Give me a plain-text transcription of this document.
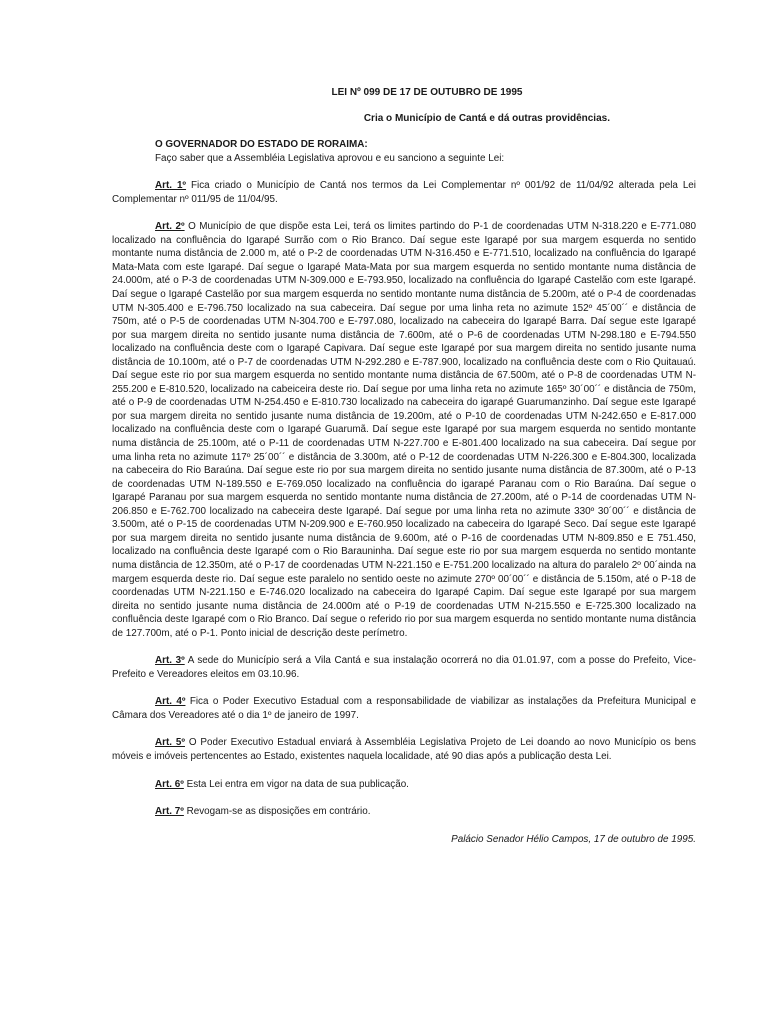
LEI Nº 099 DE 17 DE OUTUBRO DE 1995

Cria o Município de Cantá e dá outras providências.

O GOVERNADOR DO ESTADO DE RORAIMA:

Faço saber que a Assembléia Legislativa aprovou e eu sanciono a seguinte Lei:

Art. 1º Fica criado o Município de Cantá nos termos da Lei Complementar nº 001/92 de 11/04/92 alterada pela Lei Complementar nº 011/95 de 11/04/95.

Art. 2º O Município de que dispõe esta Lei, terá os limites partindo do P-1 de coordenadas UTM N-318.220 e E-771.080 localizado na confluência do Igarapé Surrão com o Rio Branco. Daí segue este Igarapé por sua margem esquerda no sentido montante numa distância de 2.000 m, até o P-2 de coordenadas UTM N-316.450 e E-771.510, localizado na confluência do Igarapé Mata-Mata com este Igarapé. Daí segue o Igarapé Mata-Mata por sua margem esquerda no sentido montante numa distância de 24.000m, até o P-3 de coordenadas UTM N-309.000 e E-793.950, localizado na confluência do Igarapé Castelão com este Igarapé. Daí segue o Igarapé Castelão por sua margem esquerda no sentido montante numa distância de 5.200m, até o P-4 de coordenadas UTM N-305.400 e E-796.750 localizado na sua cabeceira. Daí segue por uma linha reta no azimute 152º 45´00´´ e distância de 750m, até o P-5 de coordenadas UTM N-304.700 e E-797.080, localizado na cabeceira do Igarapé Barra. Daí segue este Igarapé por sua margem direita no sentido jusante numa distância de 7.600m, até o P-6 de coordenadas UTM N-298.180 e E-794.550 localizado na confluência deste com o Igarapé Capivara. Daí segue este Igarapé por sua margem direita no sentido jusante numa distância de 10.100m, até o P-7 de coordenadas UTM N-292.280 e E-787.900, localizado na confluência deste com o Rio Quitauaú. Daí segue este rio por sua margem esquerda no sentido montante numa distância de 67.500m, até o P-8 de coordenadas UTM N-255.200 e E-810.520, localizado na cabeiceira deste rio. Daí segue por uma linha reta no azimute 165º 30´00´´ e distância de 750m, até o P-9 de coordenadas UTM N-254.450 e E-810.730 localizado na cabeceira do igarapé Guarumanzinho. Daí segue este Igarapé por sua margem direita no sentido jusante numa distância de 19.200m, até o P-10 de coordenadas UTM N-242.650 e E-817.000 localizado na confluência deste com o Igarapé Guarumã. Daí segue este Igarapé por sua margem esquerda no sentido montante numa distância de 25.100m, até o P-11 de coordenadas UTM N-227.700 e E-801.400 localizado na sua cabeceira. Daí segue por uma linha reta no azimute 117º 25´00´´ e distância de 3.300m, até o P-12 de coordenadas UTM N-226.300 e E-804.300, localizada na cabeceira do Rio Baraúna. Daí segue este rio por sua margem direita no sentido jusante numa distância de 87.300m, até o P-13 de coordenadas UTM N-189.550 e E-769.050 localizado na confluência do igarapé Paranau com o Rio Baraúna. Daí segue o Igarapé Paranau por sua margem esquerda no sentido montante numa distância de 27.200m, até o P-14 de coordenadas UTM N-206.850 e E-762.700 localizado na cabeceira deste Igarapé. Daí segue por uma linha reta no azimute 330º 30´00´´ e distância de 3.500m, até o P-15 de coordenadas UTM N-209.900 e E-760.950 localizado na cabeceira do Igarapé Seco. Daí segue este Igarapé por sua margem direita no sentido jusante numa distância de 9.600m, até o P-16 de coordenadas UTM N-809.850 e E 751.450, localizado na confluência deste Igarapé com o Rio Barauninha. Daí segue este rio por sua margem esquerda no sentido montante numa distância de 12.350m, até o P-17 de coordenadas UTM N-221.150 e E-751.200 localizado na altura do paralelo 2º 00´ainda na margem esquerda deste rio. Daí segue este paralelo no sentido oeste no azimute 270º 00´00´´ e distância de 5.150m, até o P-18 de coordenadas UTM N-221.150 e E-746.020 localizado na cabeceira do Igarapé Capim. Daí segue este Igarapé por sua margem direita no sentido jusante numa distância de 24.000m até o P-19 de coordenadas UTM N-215.550 e E-725.300 localizado na confluência deste Igarapé com o Rio Branco. Daí segue o referido rio por sua margem esquerda no sentido montante numa distância de 127.700m, até o P-1. Ponto inicial de descrição deste perímetro.

Art. 3º A sede do Município será a Vila Cantá e sua instalação ocorrerá no dia 01.01.97, com a posse do Prefeito, Vice-Prefeito e Vereadores eleitos em 03.10.96.

Art. 4º Fica o Poder Executivo Estadual com a responsabilidade de viabilizar as instalações da Prefeitura Municipal e Câmara dos Vereadores até o dia 1º de janeiro de 1997.

Art. 5º O Poder Executivo Estadual enviará à Assembléia Legislativa Projeto de Lei doando ao novo Município os bens móveis e imóveis pertencentes ao Estado, existentes naquela localidade, até 90 dias após a publicação desta Lei.

Art. 6º Esta Lei entra em vigor na data de sua publicação.

Art. 7º Revogam-se as disposições em contrário.

Palácio Senador Hélio Campos, 17 de outubro de 1995.
